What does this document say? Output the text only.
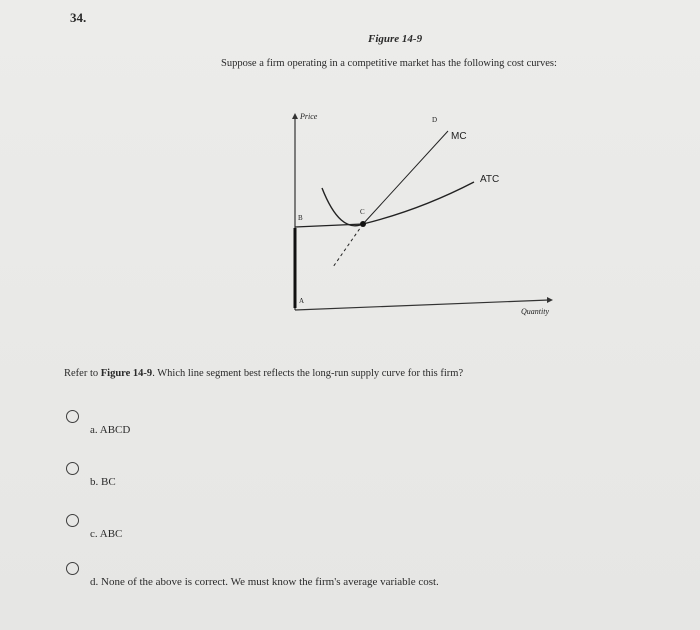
34.
Figure 14-9
Suppose a firm operating in a competitive market has the following cost curves:
Price
Quantity
MC
ATC
A
B
C
D
Refer to Figure 14-9. Which line segment best reflects the long-run supply curve for this firm?
a. ABCD
b. BC
c. ABC
d. None of the above is correct. We must know the firm's average variable cost.
